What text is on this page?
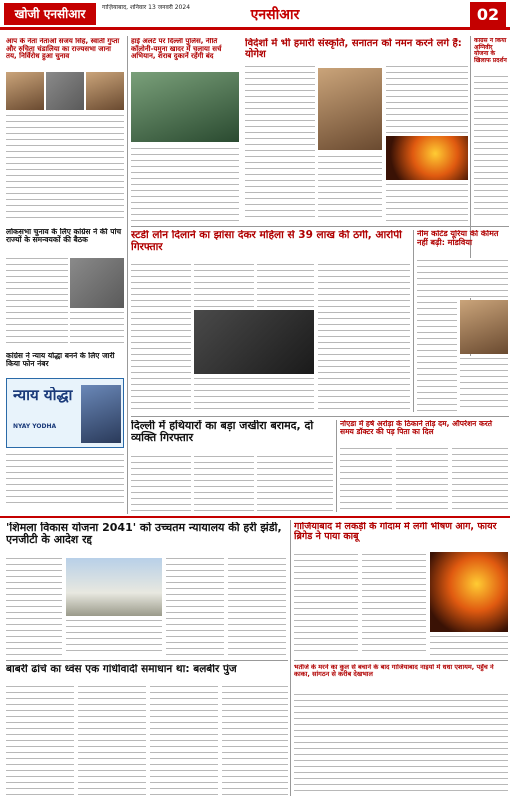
खोजी एनसीआर	गाज़ियाबाद, शनिवार 13 जनवरी 2024	एनसीआर	02
आप के नेता नेताओं संजय सिंह, स्वाती गुप्ता और रुचिता चंडालिया का राज्यसभा जाना तय, निर्विरोध हुआ चुनाव
लोकसभा चुनाव के लिए कांग्रेस ने की पांच राज्यों के समन्वयकों की बैठक
कांग्रेस ने न्याय योद्धा बनने के लिए जारी किया फोन नंबर
न्याय योद्धा
NYAY YODHA
हाई अलर्ट पर दिल्ली पुलिस, नीति कॉलोनी-यमुना खादर में चलाया सर्च अभियान, शराब दुकानें रहेंगी बंद
विदेशों में भी हमारी संस्कृति, सनातन को नमन करने लगे हैं: योगेश
कांग्रेस ने किया अग्निवीर योजना के खिलाफ प्रदर्शन
स्टडी लोन दिलाने का झांसा देकर महिला से 39 लाख की ठगी, आरोपी गिरफ्तार
नीम कोटेड यूरिया की कीमत नहीं बढ़ी: मांडविया
दिल्ली में हथियारों का बड़ा जखीरा बरामद, दो व्यक्ति गिरफ्तार
नोएडा में हर्ष अरोड़ा के ठिकाने तोड़ दम, ऑपरेशन करते समय डॉक्टर की पड़ पिता का दिल
'शिमला विकास योजना 2041' को उच्चतम न्यायालय की हरी झंडी, एनजीटी के आदेश रद्द
गाजियाबाद में लकड़ी के गोदाम में लगी भीषण आग, फायर ब्रिगेड ने पाया काबू
बाबरी ढांचे का ध्वंस एक गांधीवादी समाधान था: बलबीर पुंज	भतीजे के मरने का कुल से बचाने के बाद गाजियाबाद नाइयों में धधा एशायम, पहुँच ने काका, सांगठन से करीब देखभाल
